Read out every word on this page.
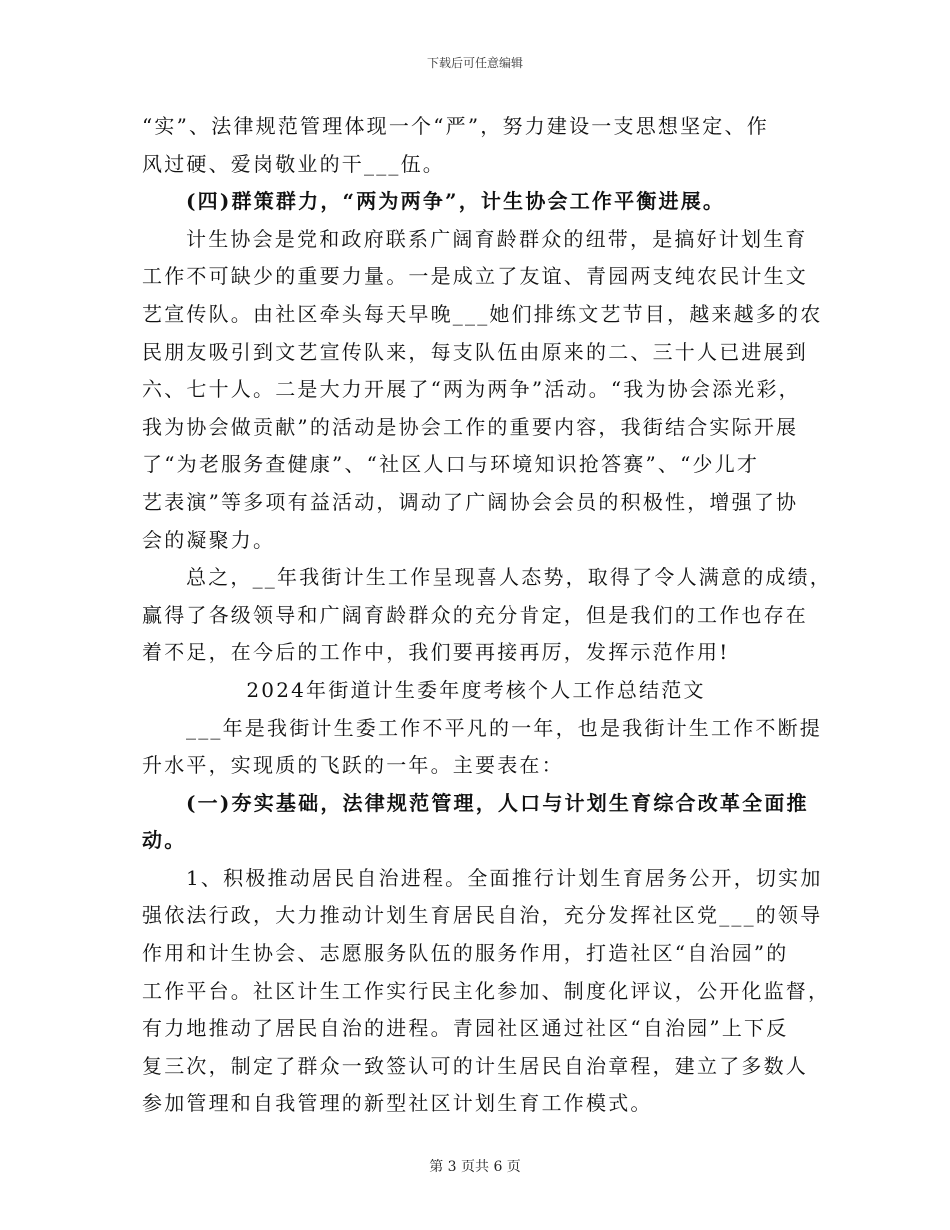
下载后可任意编辑
“实”、法律规范管理体现一个“严”，努力建设一支思想坚定、作
风过硬、爱岗敬业的干___伍。
(四)群策群力，“两为两争”，计生协会工作平衡进展。
计生协会是党和政府联系广阔育龄群众的纽带，是搞好计划生育
工作不可缺少的重要力量。一是成立了友谊、青园两支纯农民计生文
艺宣传队。由社区牵头每天早晚___她们排练文艺节目，越来越多的农
民朋友吸引到文艺宣传队来，每支队伍由原来的二、三十人已进展到
六、七十人。二是大力开展了“两为两争”活动。“我为协会添光彩，
我为协会做贡献”的活动是协会工作的重要内容，我街结合实际开展
了“为老服务查健康”、“社区人口与环境知识抢答赛”、“少儿才
艺表演”等多项有益活动，调动了广阔协会会员的积极性，增强了协
会的凝聚力。
总之，__年我街计生工作呈现喜人态势，取得了令人满意的成绩，
赢得了各级领导和广阔育龄群众的充分肯定，但是我们的工作也存在
着不足，在今后的工作中，我们要再接再厉，发挥示范作用!
2024年街道计生委年度考核个人工作总结范文
___年是我街计生委工作不平凡的一年，也是我街计生工作不断提
升水平，实现质的飞跃的一年。主要表在：
(一)夯实基础，法律规范管理，人口与计划生育综合改革全面推
动。
1、积极推动居民自治进程。全面推行计划生育居务公开，切实加
强依法行政，大力推动计划生育居民自治，充分发挥社区党___的领导
作用和计生协会、志愿服务队伍的服务作用，打造社区“自治园”的
工作平台。社区计生工作实行民主化参加、制度化评议，公开化监督，
有力地推动了居民自治的进程。青园社区通过社区“自治园”上下反
复三次，制定了群众一致签认可的计生居民自治章程，建立了多数人
参加管理和自我管理的新型社区计划生育工作模式。
第 3 页共 6 页
